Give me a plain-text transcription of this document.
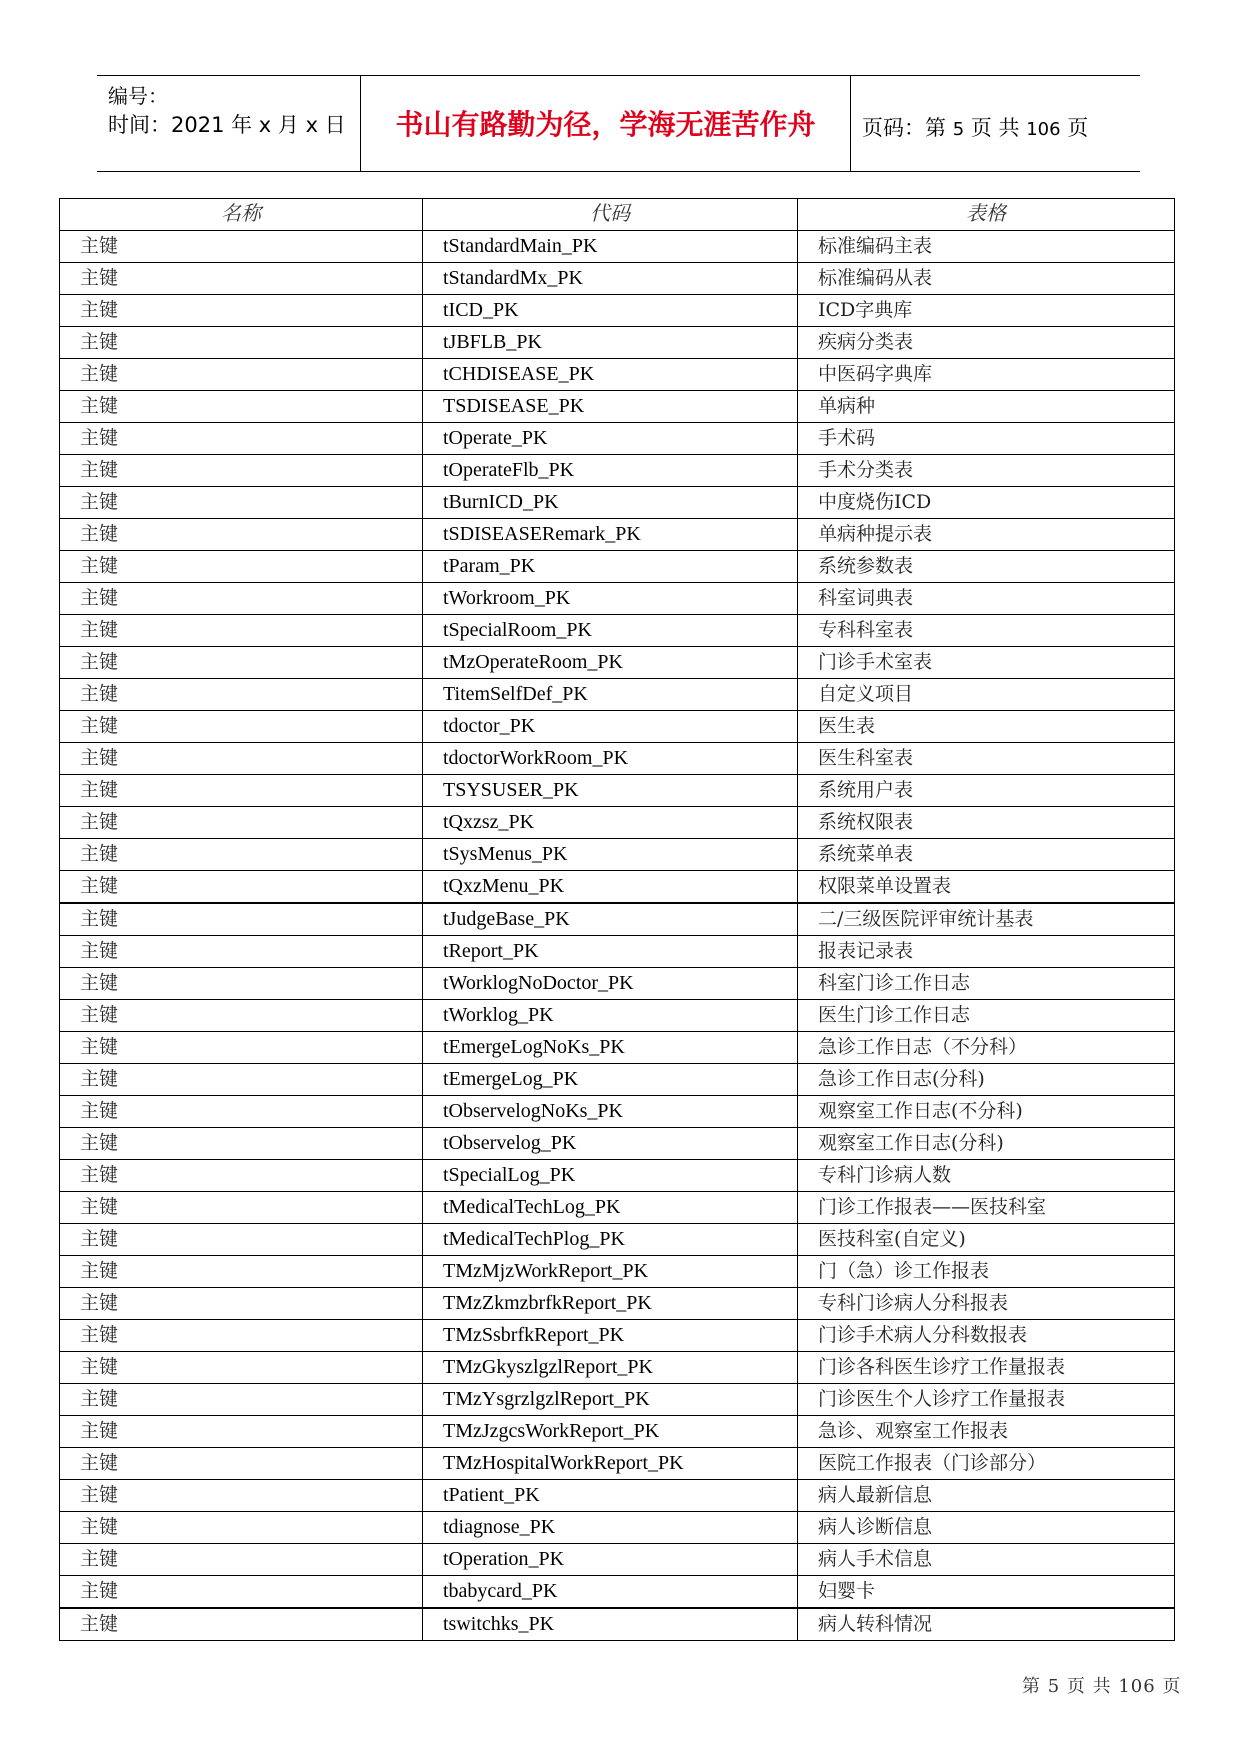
编号：
时间：2021 年 x 月 x 日	书山有路勤为径，学海无涯苦作舟	页码：第 5 页 共 106 页
名称	代码	表格
主键	tStandardMain_PK	标准编码主表
主键	tStandardMx_PK	标准编码从表
主键	tICD_PK	ICD字典库
主键	tJBFLB_PK	疾病分类表
主键	tCHDISEASE_PK	中医码字典库
主键	TSDISEASE_PK	单病种
主键	tOperate_PK	手术码
主键	tOperateFlb_PK	手术分类表
主键	tBurnICD_PK	中度烧伤ICD
主键	tSDISEASERemark_PK	单病种提示表
主键	tParam_PK	系统参数表
主键	tWorkroom_PK	科室词典表
主键	tSpecialRoom_PK	专科科室表
主键	tMzOperateRoom_PK	门诊手术室表
主键	TitemSelfDef_PK	自定义项目
主键	tdoctor_PK	医生表
主键	tdoctorWorkRoom_PK	医生科室表
主键	TSYSUSER_PK	系统用户表
主键	tQxzsz_PK	系统权限表
主键	tSysMenus_PK	系统菜单表
主键	tQxzMenu_PK	权限菜单设置表
主键	tJudgeBase_PK	二/三级医院评审统计基表
主键	tReport_PK	报表记录表
主键	tWorklogNoDoctor_PK	科室门诊工作日志
主键	tWorklog_PK	医生门诊工作日志
主键	tEmergeLogNoKs_PK	急诊工作日志（不分科）
主键	tEmergeLog_PK	急诊工作日志(分科)
主键	tObservelogNoKs_PK	观察室工作日志(不分科)
主键	tObservelog_PK	观察室工作日志(分科)
主键	tSpecialLog_PK	专科门诊病人数
主键	tMedicalTechLog_PK	门诊工作报表——医技科室
主键	tMedicalTechPlog_PK	医技科室(自定义)
主键	TMzMjzWorkReport_PK	门（急）诊工作报表
主键	TMzZkmzbrfkReport_PK	专科门诊病人分科报表
主键	TMzSsbrfkReport_PK	门诊手术病人分科数报表
主键	TMzGkyszlgzlReport_PK	门诊各科医生诊疗工作量报表
主键	TMzYsgrzlgzlReport_PK	门诊医生个人诊疗工作量报表
主键	TMzJzgcsWorkReport_PK	急诊、观察室工作报表
主键	TMzHospitalWorkReport_PK	医院工作报表（门诊部分）
主键	tPatient_PK	病人最新信息
主键	tdiagnose_PK	病人诊断信息
主键	tOperation_PK	病人手术信息
主键	tbabycard_PK	妇婴卡
主键	tswitchks_PK	病人转科情况
第 5 页 共 106 页
